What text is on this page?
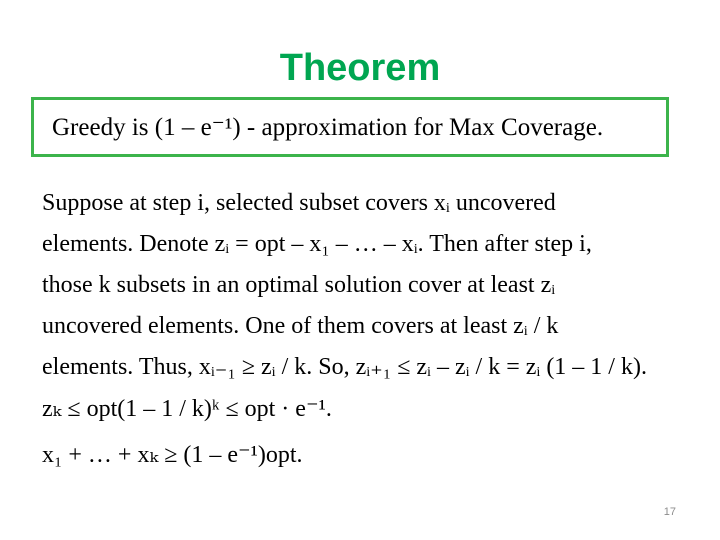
Theorem
Greedy is (1 – e⁻¹) - approximation for Max Coverage.
Suppose at step i, selected subset covers xᵢ uncovered
elements. Denote zᵢ = opt – x₁ – … – xᵢ. Then after step i,
those k subsets in an optimal solution cover at least zᵢ
uncovered elements. One of them covers at least zᵢ / k
elements. Thus, xᵢ₋₁ ≥ zᵢ / k. So, zᵢ₊₁ ≤ zᵢ – zᵢ / k = zᵢ (1 – 1 / k).
zₖ ≤ opt(1 – 1 / k)ᵏ ≤ opt · e⁻¹.
x₁ + … + xₖ ≥ (1 – e⁻¹)opt.
17
